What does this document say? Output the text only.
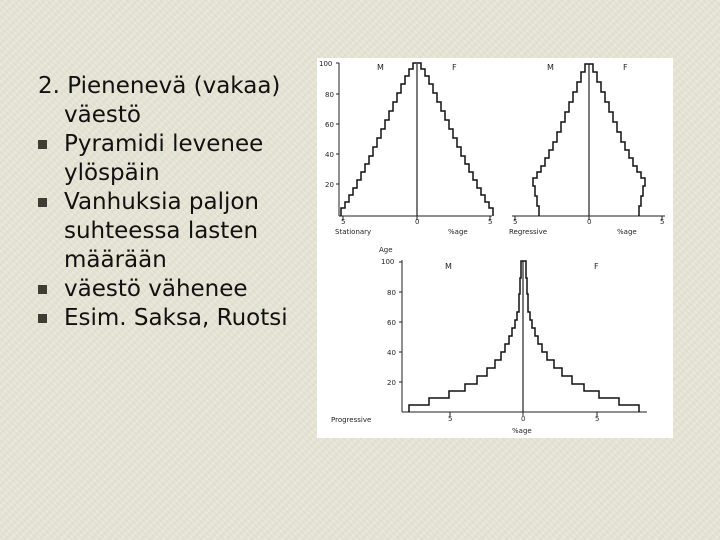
2. Pienenevä (vakaa)
väestö
Pyramidi levenee
ylöspäin
Vanhuksia paljon
suhteessa lasten
määrään
väestö vähenee
Esim. Saksa, Ruotsi
100
80
60
40
20
M	F
5	0	5
Stationary	%age
M	F
5	0	5
Regressive	%age
Age
100
80
60
40
20
M	F
5	0	5
Progressive
%age
